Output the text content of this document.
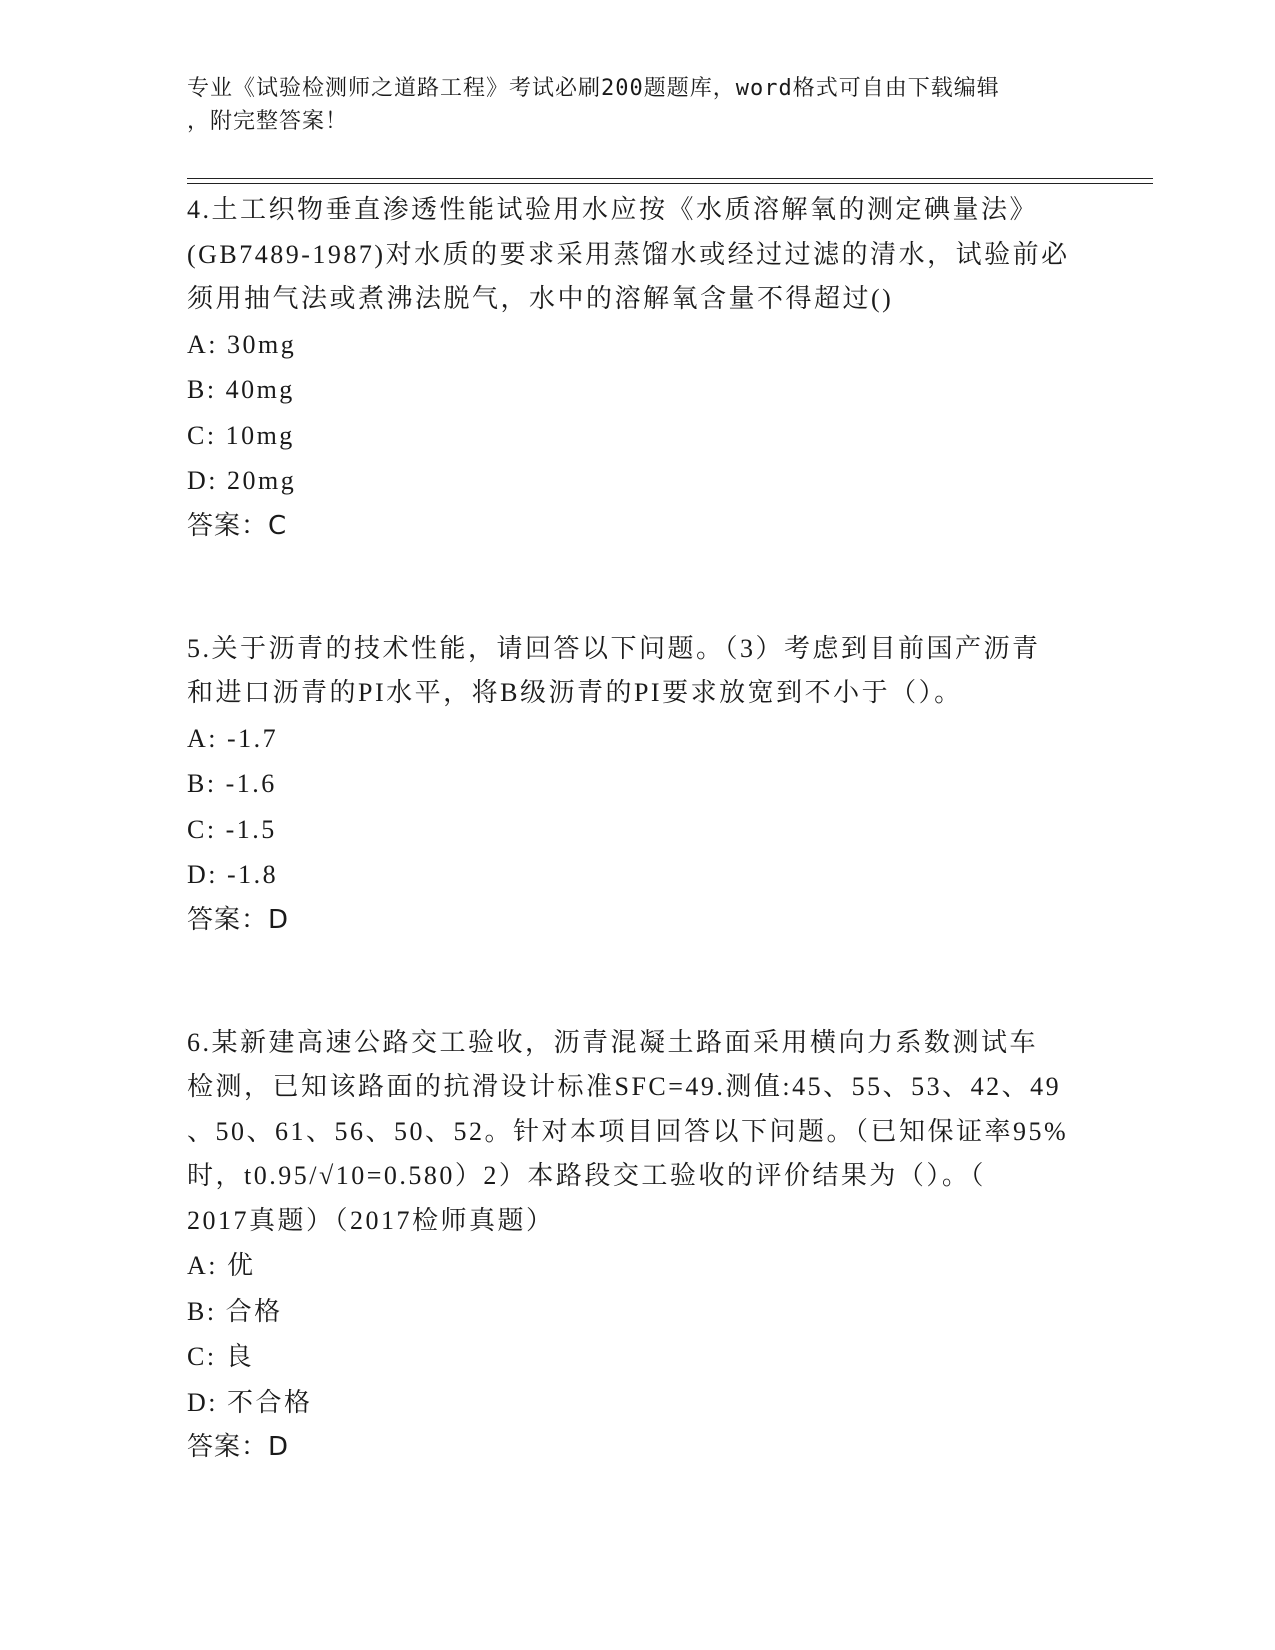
专业《试验检测师之道路工程》考试必刷200题题库，word格式可自由下载编辑
，附完整答案！
4.土工织物垂直渗透性能试验用水应按《水质溶解氧的测定碘量法》
(GB7489-1987)对水质的要求采用蒸馏水或经过过滤的清水，试验前必
须用抽气法或煮沸法脱气，水中的溶解氧含量不得超过()
A: 30mg
B: 40mg
C: 10mg
D: 20mg
答案：C
5.关于沥青的技术性能，请回答以下问题。（3）考虑到目前国产沥青
和进口沥青的PI水平，将B级沥青的PI要求放宽到不小于（）。
A: -1.7
B: -1.6
C: -1.5
D: -1.8
答案：D
6.某新建高速公路交工验收，沥青混凝土路面采用横向力系数测试车
检测，已知该路面的抗滑设计标准SFC=49.测值:45、55、53、42、49
、50、61、56、50、52。针对本项目回答以下问题。（已知保证率95%
时，t0.95/√10=0.580）2）本路段交工验收的评价结果为（）。（
2017真题）（2017检师真题）
A: 优
B: 合格
C: 良
D: 不合格
答案：D
